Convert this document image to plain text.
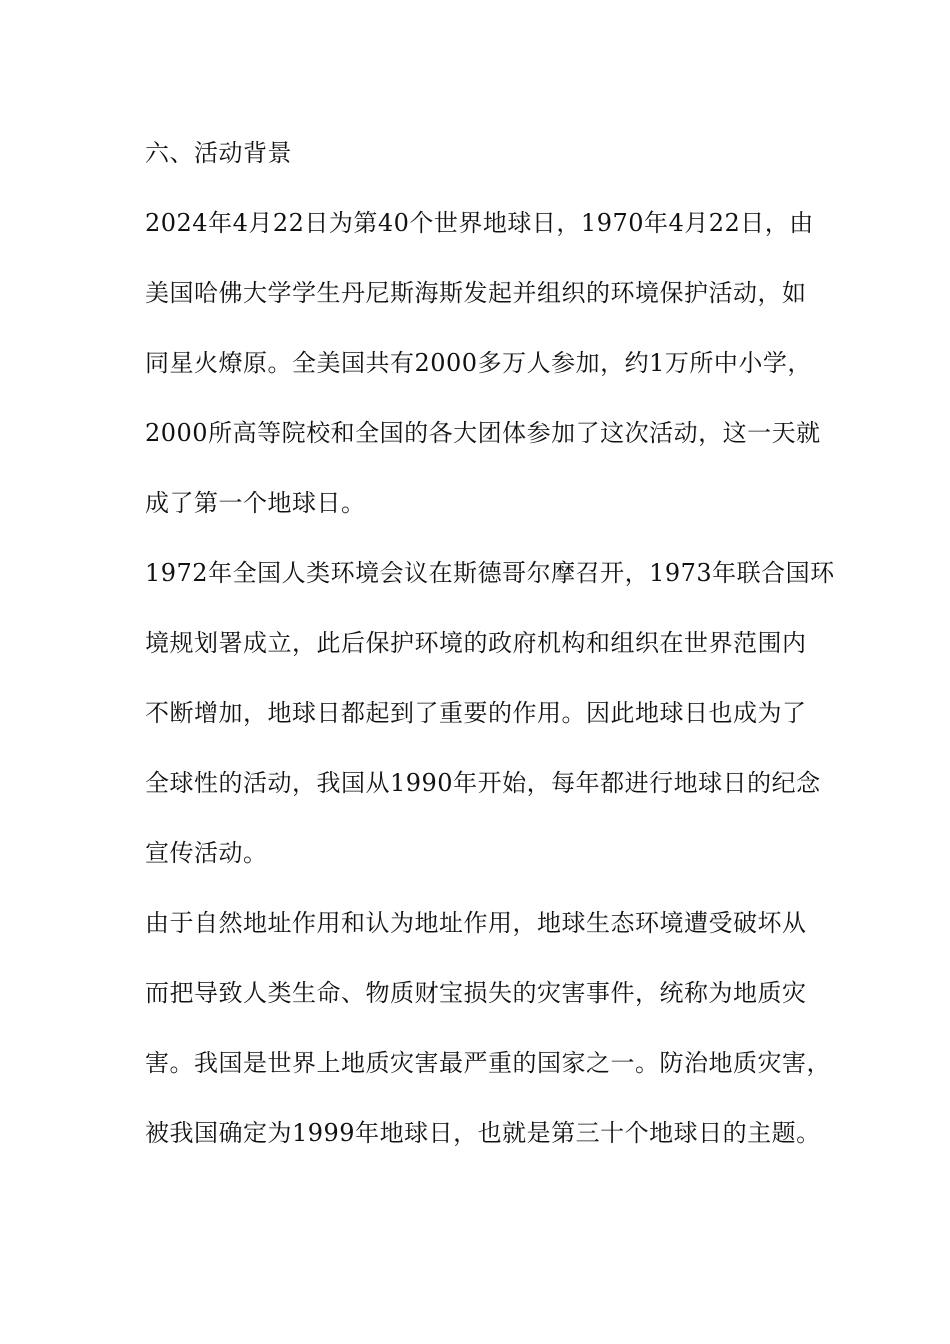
六、活动背景
2024年4月22日为第40个世界地球日，1970年4月22日，由
美国哈佛大学学生丹尼斯海斯发起并组织的环境保护活动，如
同星火燎原。全美国共有2000多万人参加，约1万所中小学，
2000所高等院校和全国的各大团体参加了这次活动，这一天就
成了第一个地球日。
1972年全国人类环境会议在斯德哥尔摩召开，1973年联合国环
境规划署成立，此后保护环境的政府机构和组织在世界范围内
不断增加，地球日都起到了重要的作用。因此地球日也成为了
全球性的活动，我国从1990年开始，每年都进行地球日的纪念
宣传活动。
由于自然地址作用和认为地址作用，地球生态环境遭受破坏从
而把导致人类生命、物质财宝损失的灾害事件，统称为地质灾
害。我国是世界上地质灾害最严重的国家之一。防治地质灾害，
被我国确定为1999年地球日，也就是第三十个地球日的主题。
